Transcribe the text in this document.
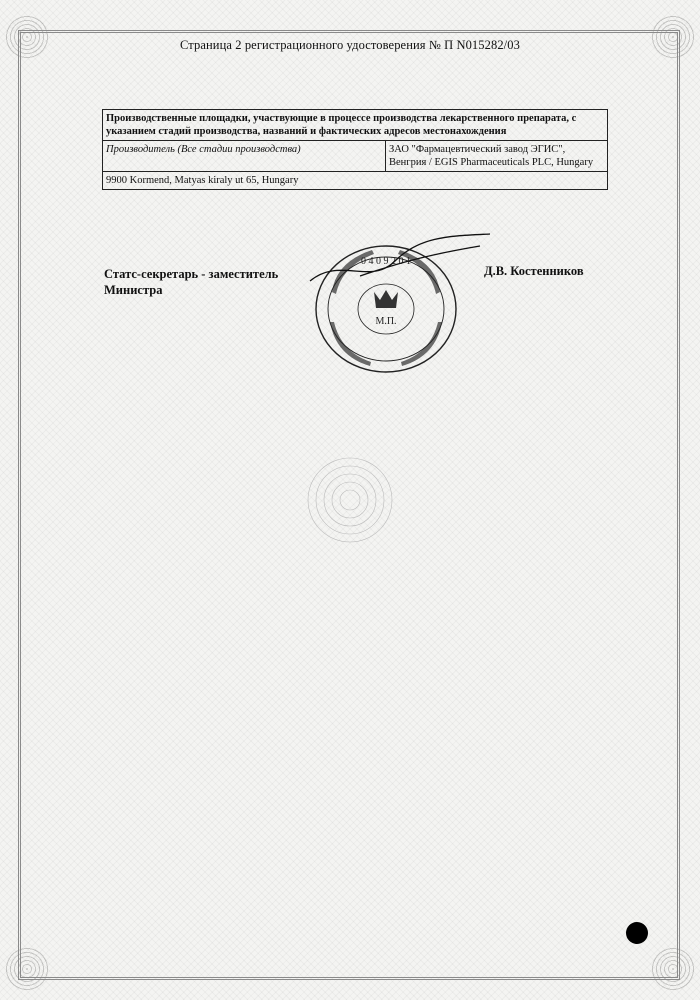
Страница 2 регистрационного удостоверения № П N015282/03
Производственные площадки, участвующие в процессе производства лекарственного препарата, с указанием стадий производства, названий и фактических адресов местонахождения
Производитель (Все стадии производства)	ЗАО "Фармацевтический завод ЭГИС", Венгрия / EGIS Pharmaceuticals PLC, Hungary
9900 Kormend, Matyas kiraly ut 65, Hungary
Статс-секретарь - заместитель Министра
Д.В. Костенников
М.П.
0 4 0 9 2 0 1
